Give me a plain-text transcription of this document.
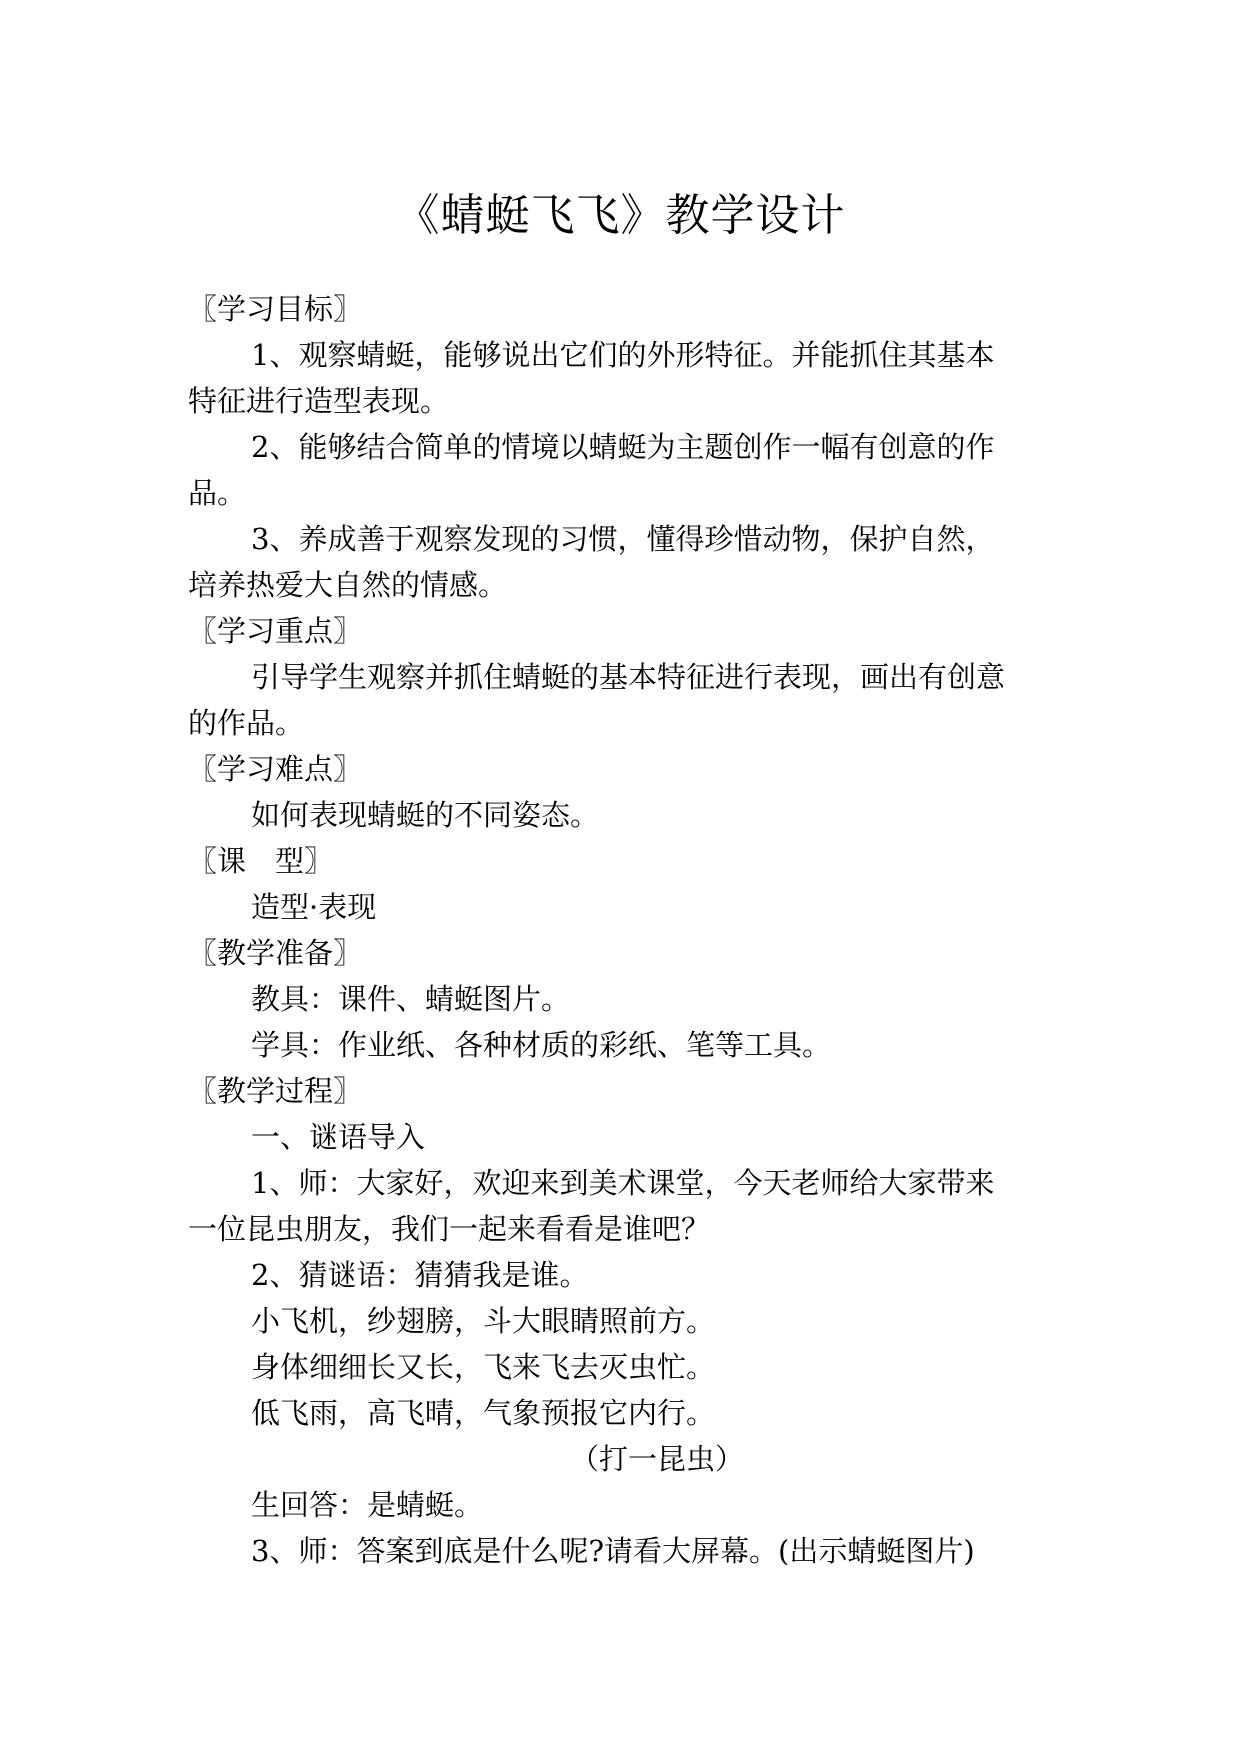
《蜻蜓飞飞》教学设计
〖学习目标〗
1、观察蜻蜓，能够说出它们的外形特征。并能抓住其基本
特征进行造型表现。
2、能够结合简单的情境以蜻蜓为主题创作一幅有创意的作
品。
3、养成善于观察发现的习惯，懂得珍惜动物，保护自然，
培养热爱大自然的情感。
〖学习重点〗
引导学生观察并抓住蜻蜓的基本特征进行表现，画出有创意
的作品。
〖学习难点〗
如何表现蜻蜓的不同姿态。
〖课　型〗
造型·表现
〖教学准备〗
教具：课件、蜻蜓图片。
学具：作业纸、各种材质的彩纸、笔等工具。
〖教学过程〗
一、谜语导入
1、师：大家好，欢迎来到美术课堂，今天老师给大家带来
一位昆虫朋友，我们一起来看看是谁吧？
2、猜谜语：猜猜我是谁。
小飞机，纱翅膀，斗大眼睛照前方。
身体细细长又长，飞来飞去灭虫忙。
低飞雨，高飞晴，气象预报它内行。
（打一昆虫）
生回答：是蜻蜓。
3、师：答案到底是什么呢?请看大屏幕。(出示蜻蜓图片)
